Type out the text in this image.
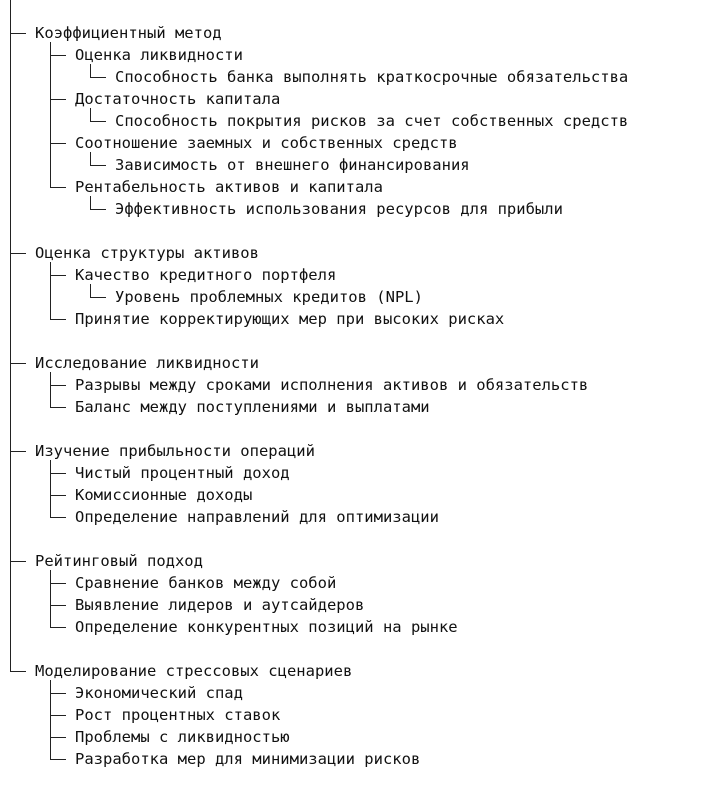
Коэффициентный метод
Оценка ликвидности
Способность банка выполнять краткосрочные обязательства
Достаточность капитала
Способность покрытия рисков за счет собственных средств
Соотношение заемных и собственных средств
Зависимость от внешнего финансирования
Рентабельность активов и капитала
Эффективность использования ресурсов для прибыли
Оценка структуры активов
Качество кредитного портфеля
Уровень проблемных кредитов (NPL)
Принятие корректирующих мер при высоких рисках
Исследование ликвидности
Разрывы между сроками исполнения активов и обязательств
Баланс между поступлениями и выплатами
Изучение прибыльности операций
Чистый процентный доход
Комиссионные доходы
Определение направлений для оптимизации
Рейтинговый подход
Сравнение банков между собой
Выявление лидеров и аутсайдеров
Определение конкурентных позиций на рынке
Моделирование стрессовых сценариев
Экономический спад
Рост процентных ставок
Проблемы с ликвидностью
Разработка мер для минимизации рисков
